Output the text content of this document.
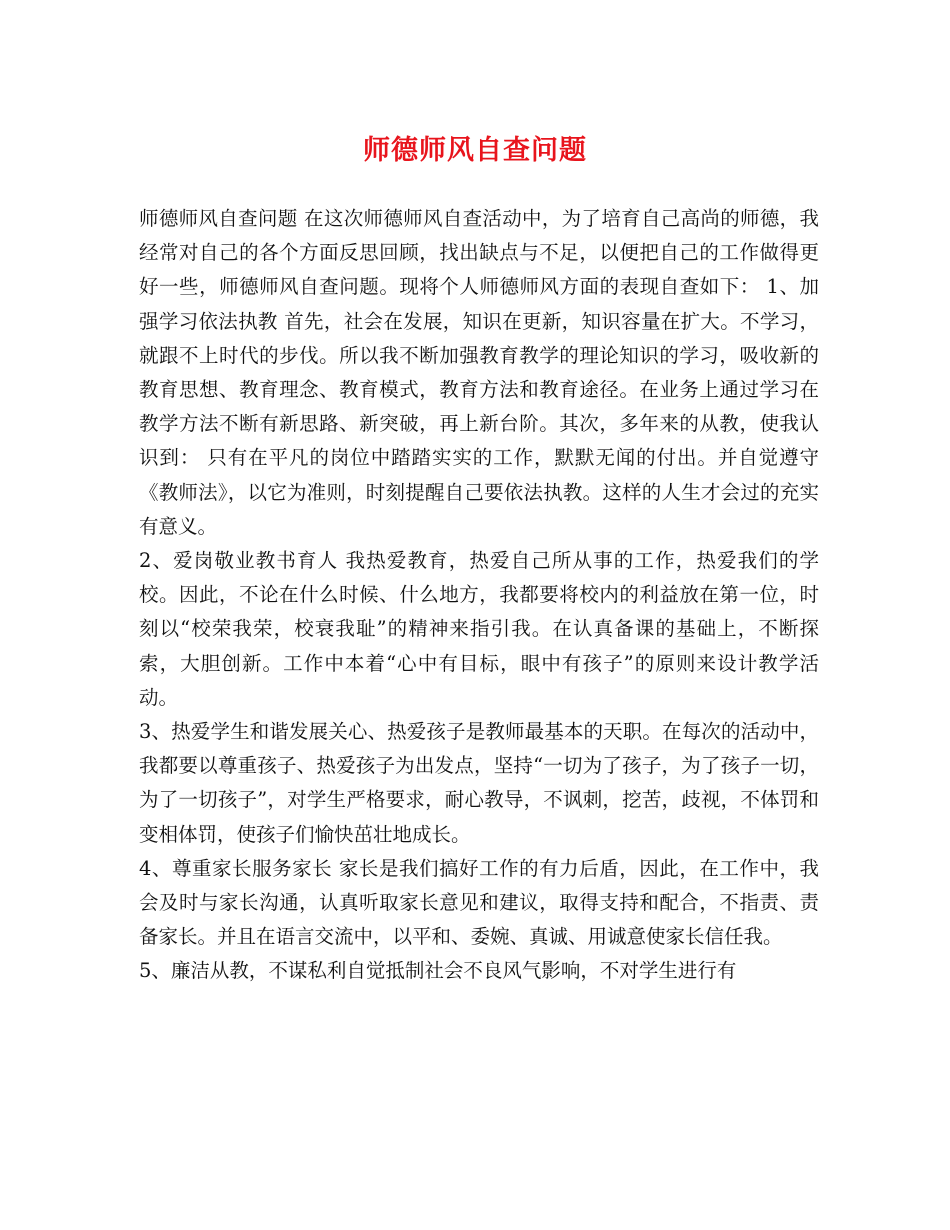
师德师风自查问题

师德师风自查问题 在这次师德师风自查活动中，为了培育自己高尚的师德，我经常对自己的各个方面反思回顾，找出缺点与不足，以便把自己的工作做得更好一些，师德师风自查问题。现将个人师德师风方面的表现自查如下： 1、加强学习依法执教 首先，社会在发展，知识在更新，知识容量在扩大。不学习，就跟不上时代的步伐。所以我不断加强教育教学的理论知识的学习，吸收新的教育思想、教育理念、教育模式，教育方法和教育途径。在业务上通过学习在教学方法不断有新思路、新突破，再上新台阶。其次，多年来的从教，使我认识到： 只有在平凡的岗位中踏踏实实的工作，默默无闻的付出。并自觉遵守《教师法》，以它为准则，时刻提醒自己要依法执教。这样的人生才会过的充实有意义。

2、爱岗敬业教书育人 我热爱教育，热爱自己所从事的工作，热爱我们的学校。因此，不论在什么时候、什么地方，我都要将校内的利益放在第一位，时刻以“校荣我荣，校衰我耻”的精神来指引我。在认真备课的基础上，不断探索，大胆创新。工作中本着“心中有目标，眼中有孩子”的原则来设计教学活动。

3、热爱学生和谐发展关心、热爱孩子是教师最基本的天职。在每次的活动中，我都要以尊重孩子、热爱孩子为出发点，坚持“一切为了孩子，为了孩子一切，为了一切孩子”，对学生严格要求，耐心教导，不讽刺，挖苦，歧视，不体罚和变相体罚，使孩子们愉快茁壮地成长。

4、尊重家长服务家长 家长是我们搞好工作的有力后盾，因此，在工作中，我会及时与家长沟通，认真听取家长意见和建议，取得支持和配合，不指责、责备家长。并且在语言交流中，以平和、委婉、真诚、用诚意使家长信任我。

5、廉洁从教，不谋私利自觉抵制社会不良风气影响，不对学生进行有
